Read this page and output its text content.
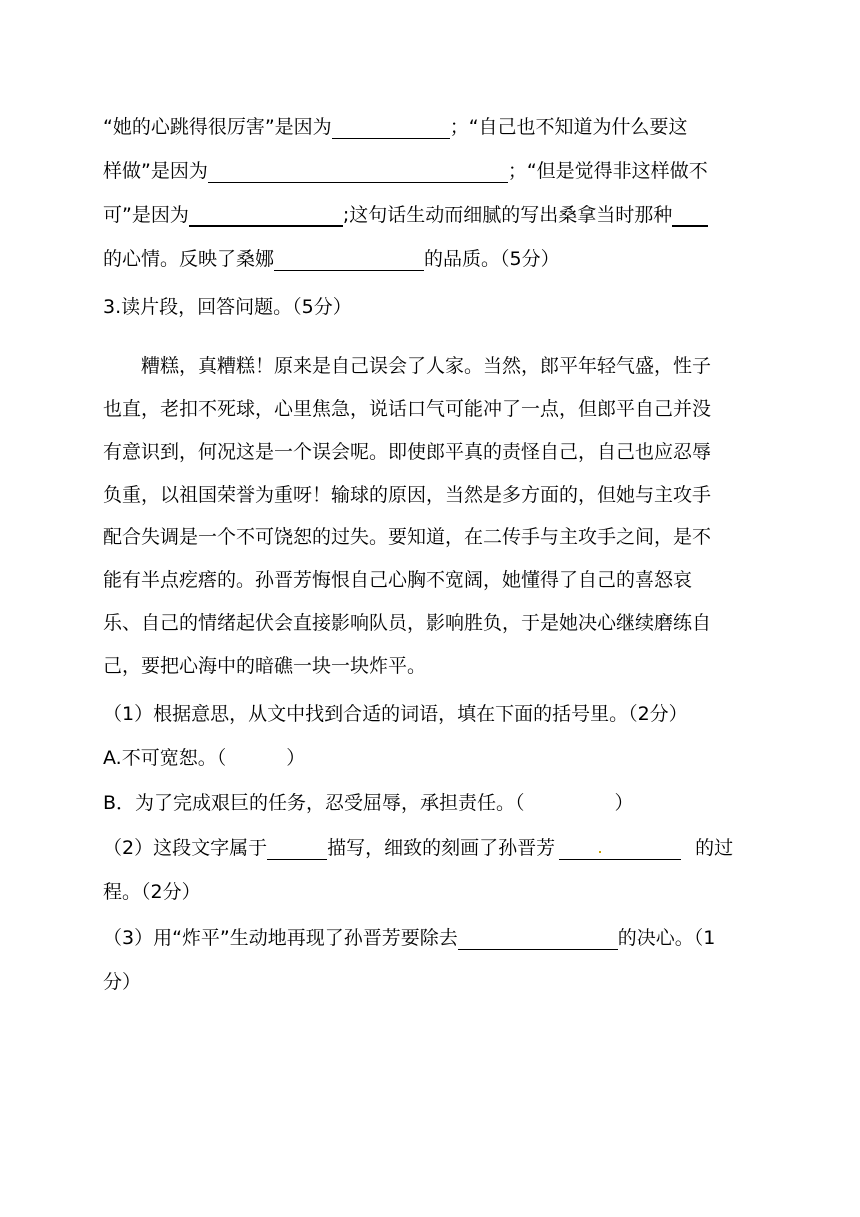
“她的心跳得很厉害”是因为	；“自己也不知道为什么要这
样做”是因为	；“但是觉得非这样做不
可”是因为	;这句话生动而细腻的写出桑拿当时那种
的心情。反映了桑娜	的品质。（5分）
3.读片段，回答问题。（5分）
糟糕，真糟糕！原来是自己误会了人家。当然，郎平年轻气盛，性子
也直，老扣不死球，心里焦急，说话口气可能冲了一点，但郎平自己并没
有意识到，何况这是一个误会呢。即使郎平真的责怪自己，自己也应忍辱
负重，以祖国荣誉为重呀！输球的原因，当然是多方面的，但她与主攻手
配合失调是一个不可饶恕的过失。要知道，在二传手与主攻手之间，是不
能有半点疙瘩的。孙晋芳悔恨自己心胸不宽阔，她懂得了自己的喜怒哀
乐、自己的情绪起伏会直接影响队员，影响胜负，于是她决心继续磨练自
己，要把心海中的暗礁一块一块炸平。
（1）根据意思，从文中找到合适的词语，填在下面的括号里。（2分）
A.不可宽恕。（	）
B．为了完成艰巨的任务，忍受屈辱，承担责任。（	）
（2）这段文字属于	描写，细致的刻画了孙晋芳	的过
程。（2分）
（3）用“炸平”生动地再现了孙晋芳要除去	的决心。（1
分）
